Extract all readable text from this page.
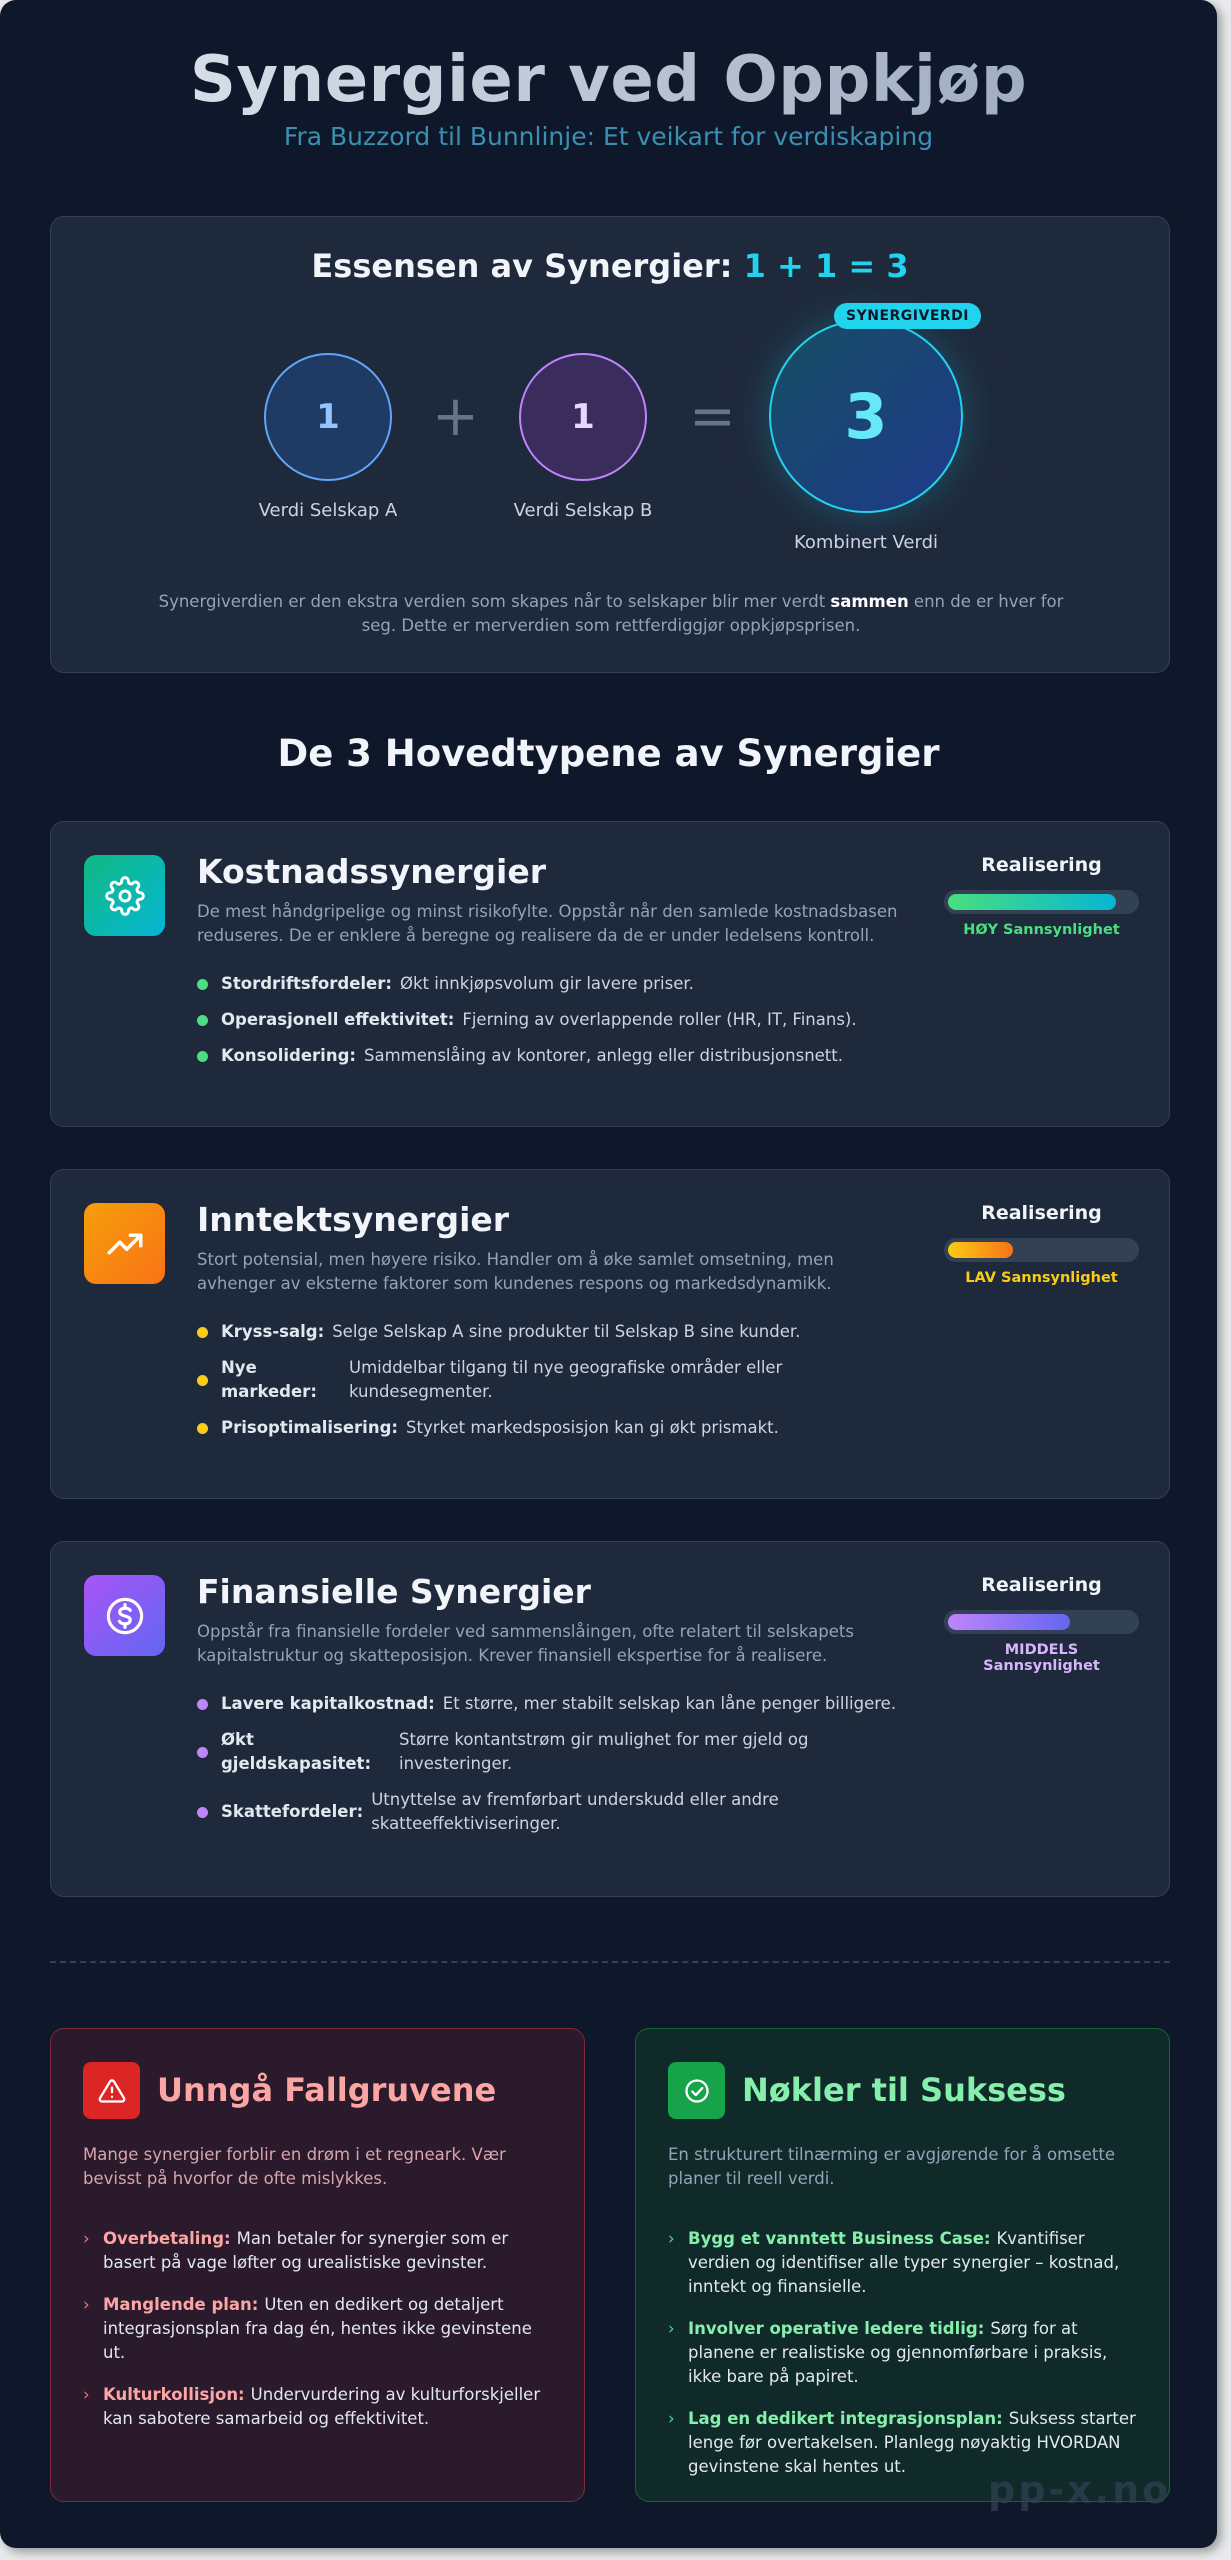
Synergier ved Oppkjøp
Fra Buzzord til Bunnlinje: Et veikart for verdiskaping
Essensen av Synergier: 1 + 1 = 3
1	+	1	=	3
SYNERGIVERDI
Verdi Selskap A	Verdi Selskap B
Kombinert Verdi
Synergiverdien er den ekstra verdien som skapes når to selskaper blir mer verdt sammen enn de er hver for seg. Dette er merverdien som rettferdiggjør oppkjøpsprisen.
De 3 Hovedtypene av Synergier
Kostnadssynergier
De mest håndgripelige og minst risikofylte. Oppstår når den samlede kostnadsbasen reduseres. De er enklere å beregne og realisere da de er under ledelsens kontroll.
Stordriftsfordeler: Økt innkjøpsvolum gir lavere priser.
Operasjonell effektivitet: Fjerning av overlappende roller (HR, IT, Finans).
Konsolidering: Sammenslåing av kontorer, anlegg eller distribusjonsnett.
Realisering
HØY Sannsynlighet
Inntektsynergier
Stort potensial, men høyere risiko. Handler om å øke samlet omsetning, men avhenger av eksterne faktorer som kundenes respons og markedsdynamikk.
Kryss-salg: Selge Selskap A sine produkter til Selskap B sine kunder.
Nye markeder:
Umiddelbar tilgang til nye geografiske områder eller kundesegmenter.
Prisoptimalisering: Styrket markedsposisjon kan gi økt prismakt.
Realisering
LAV Sannsynlighet
Finansielle Synergier
Oppstår fra finansielle fordeler ved sammenslåingen, ofte relatert til selskapets kapitalstruktur og skatteposisjon. Krever finansiell ekspertise for å realisere.
Lavere kapitalkostnad: Et større, mer stabilt selskap kan låne penger billigere.
Økt gjeldskapasitet:
Større kontantstrøm gir mulighet for mer gjeld og investeringer.
Skattefordeler:
Utnyttelse av fremførbart underskudd eller andre skatteeffektiviseringer.
Realisering
MIDDELS Sannsynlighet
Unngå Fallgruvene
Mange synergier forblir en drøm i et regneark. Vær bevisst på hvorfor de ofte mislykkes.
› Overbetaling: Man betaler for synergier som er basert på vage løfter og urealistiske gevinster.
› Manglende plan: Uten en dedikert og detaljert integrasjonsplan fra dag én, hentes ikke gevinstene ut.
› Kulturkollisjon: Undervurdering av kulturforskjeller kan sabotere samarbeid og effektivitet.
Nøkler til Suksess
En strukturert tilnærming er avgjørende for å omsette planer til reell verdi.
› Bygg et vanntett Business Case: Kvantifiser verdien og identifiser alle typer synergier – kostnad, inntekt og finansielle.
› Involver operative ledere tidlig: Sørg for at planene er realistiske og gjennomførbare i praksis, ikke bare på papiret.
› Lag en dedikert integrasjonsplan: Suksess starter lenge før overtakelsen. Planlegg nøyaktig HVORDAN gevinstene skal hentes ut.
pp-x.no
